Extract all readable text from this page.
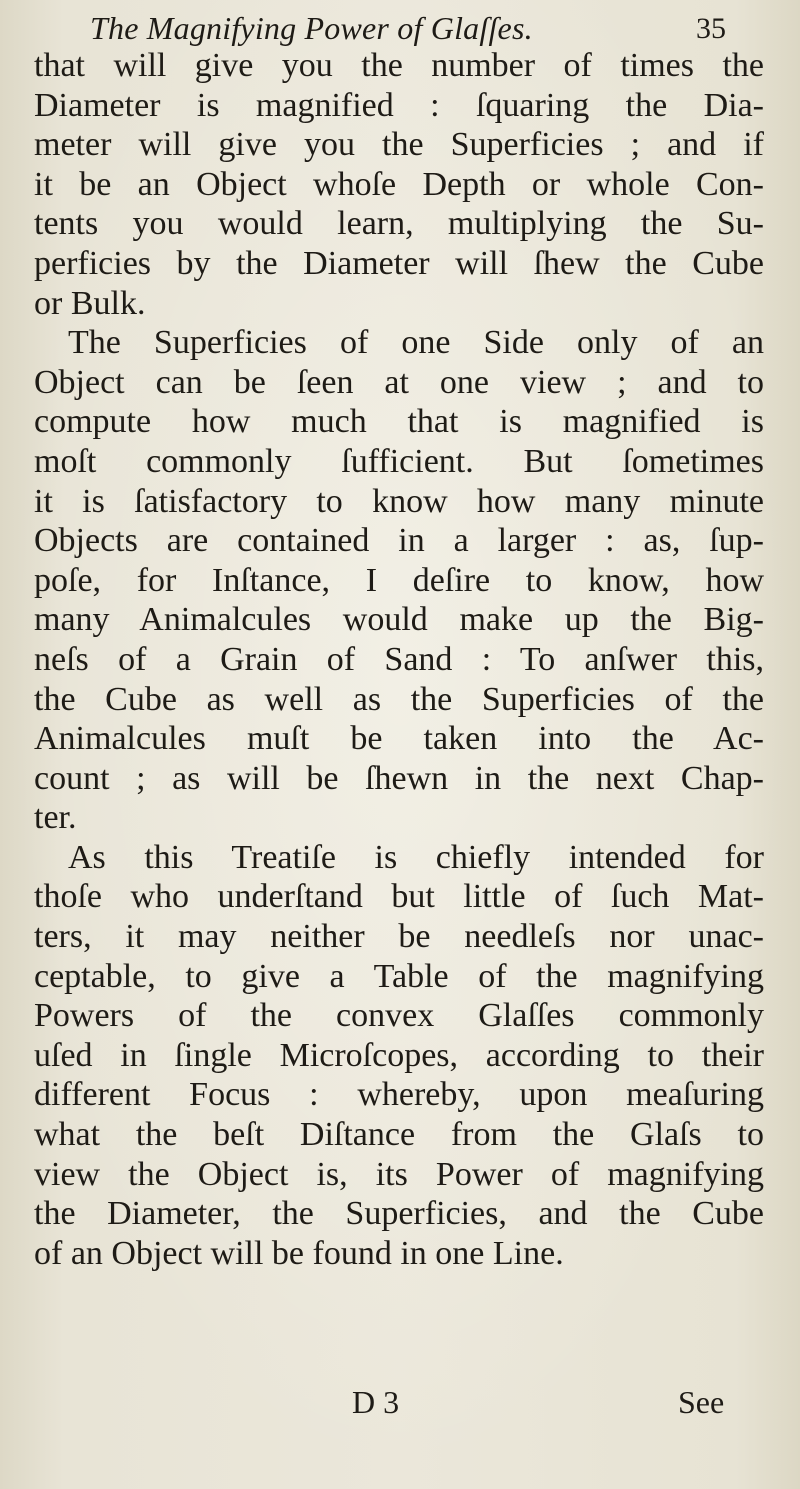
The Magnifying Power of Glaſſes.	35
that will give you the number of times the
Diameter is magnified : ſquaring the Dia-
meter will give you the Superficies ; and if
it be an Object whoſe Depth or whole Con-
tents you would learn, multiplying the Su-
perficies by the Diameter will ſhew the Cube
or Bulk.
The Superficies of one Side only of an
Object can be ſeen at one view ; and to
compute how much that is magnified is
moſt commonly ſufficient. But ſometimes
it is ſatisfactory to know how many minute
Objects are contained in a larger : as, ſup-
poſe, for Inſtance, I deſire to know, how
many Animalcules would make up the Big-
neſs of a Grain of Sand : To anſwer this,
the Cube as well as the Superficies of the
Animalcules muſt be taken into the Ac-
count ; as will be ſhewn in the next Chap-
ter.
As this Treatiſe is chiefly intended for
thoſe who underſtand but little of ſuch Mat-
ters, it may neither be needleſs nor unac-
ceptable, to give a Table of the magnifying
Powers of the convex Glaſſes commonly
uſed in ſingle Microſcopes, according to their
different Focus : whereby, upon meaſuring
what the beſt Diſtance from the Glaſs to
view the Object is, its Power of magnifying
the Diameter, the Superficies, and the Cube
of an Object will be found in one Line.
D 3	See
